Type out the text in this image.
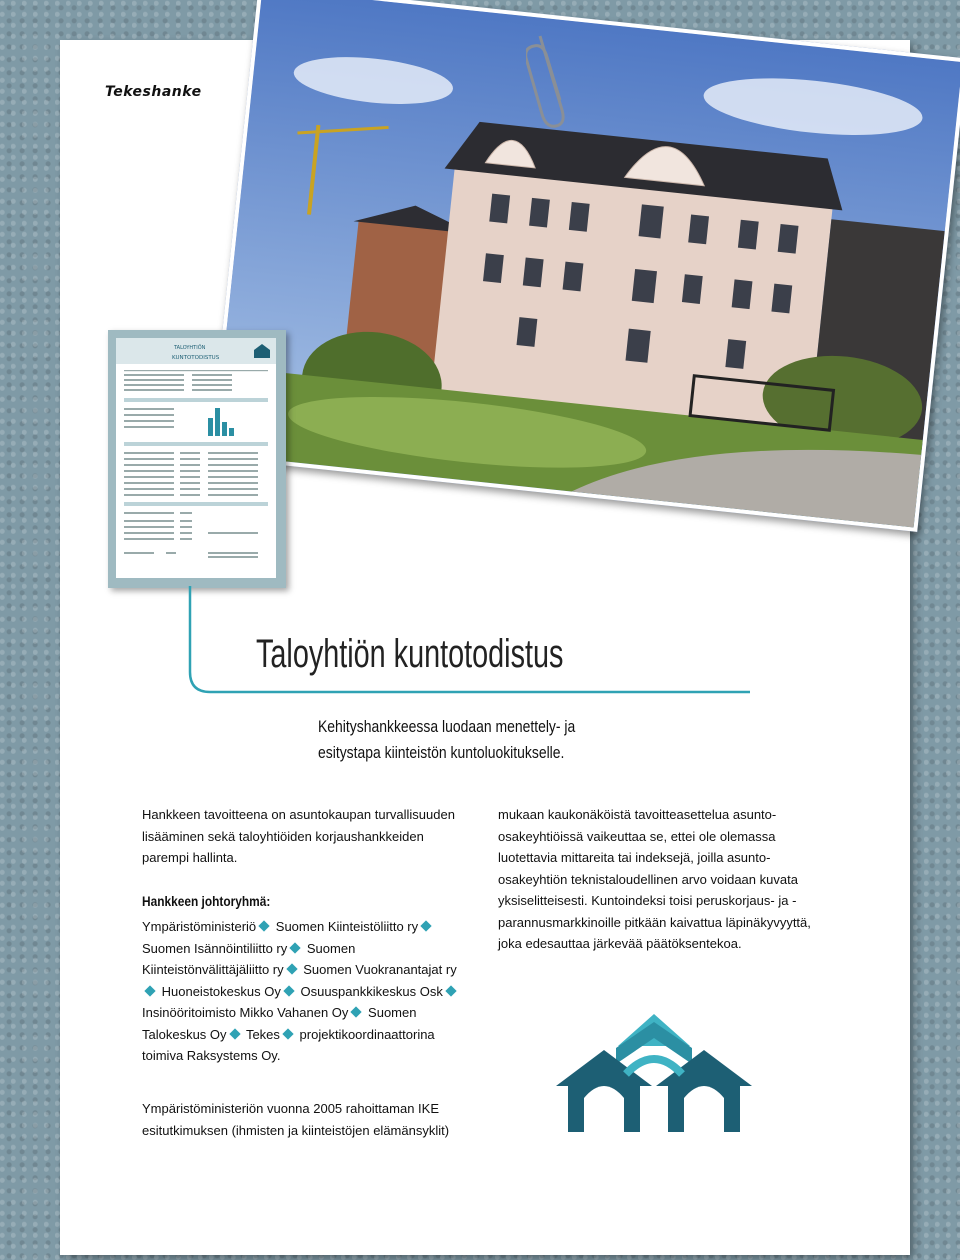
Tekeshanke
TALOYHTIÖN
KUNTOTODISTUS
Taloyhtiön kuntotodistus
Kehityshankkeessa luodaan menettely- ja
esitystapa kiinteistön kuntoluokitukselle.

Hankkeen tavoitteena on asuntokaupan turvallisuuden lisääminen sekä taloyhtiöiden korjaushankkeiden parempi hallinta.

Hankkeen johtoryhmä:

Ympäristöministeriö Suomen Kiinteistöliitto ry Suomen Isännöintiliitto ry Suomen Kiinteistönvälittäjäliitto ry Suomen Vuokranantajat ry Huoneistokeskus Oy Osuuspankkikeskus Osk Insinööritoimisto Mikko Vahanen Oy Suomen Talokeskus Oy Tekes projektikoordinaattorina toimiva Raksystems Oy.

Ympäristöministeriön vuonna 2005 rahoittaman IKE esitutkimuksen (ihmisten ja kiinteistöjen elämänsyklit)

mukaan kaukonäköistä tavoitteasettelua asunto-osakeyhtiöissä vaikeuttaa se, ettei ole olemassa luotettavia mittareita tai indeksejä, joilla asunto-osakeyhtiön teknistaloudellinen arvo voidaan kuvata yksiselitteisesti. Kuntoindeksi toisi peruskorjaus- ja -parannusmarkkinoille pitkään kaivattua läpinäkyvyyttä, joka edesauttaa järkevää päätöksentekoa.
